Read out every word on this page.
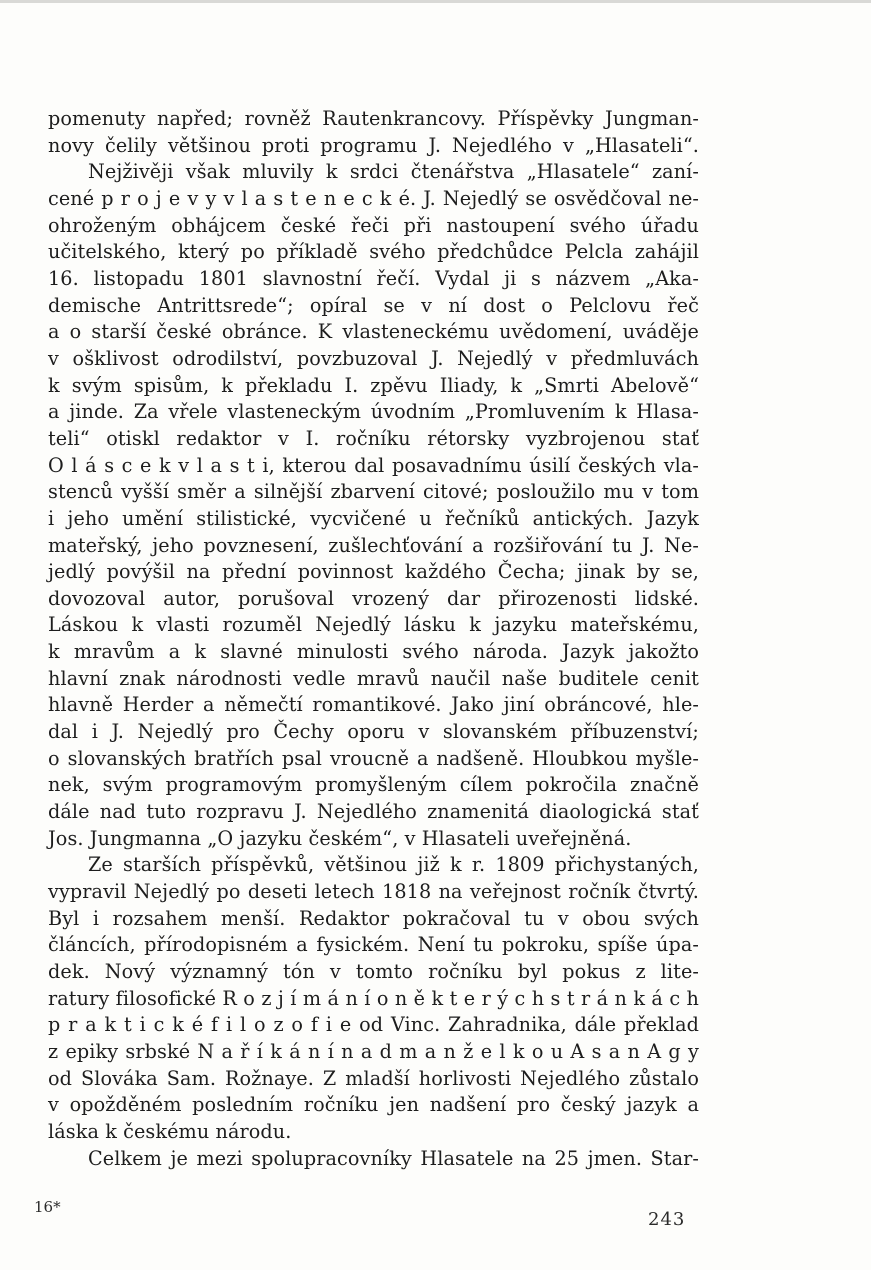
pomenuty napřed; rovněž Rautenkrancovy. Příspěvky Jungman-
novy čelily většinou proti programu J. Nejedlého v „Hlasateli“.
Nejživěji však mluvily k srdci čtenářstva „Hlasatele“ zaní-
cené p r o j e v y v l a s t e n e c k é. J. Nejedlý se osvědčoval ne-
ohroženým obhájcem české řeči při nastoupení svého úřadu
učitelského, který po příkladě svého předchůdce Pelcla zahájil
16. listopadu 1801 slavnostní řečí. Vydal ji s názvem „Aka-
demische Antrittsrede“; opíral se v ní dost o Pelclovu řeč
a o starší české obránce. K vlasteneckému uvědomení, uváděje
v ošklivost odrodilství, povzbuzoval J. Nejedlý v předmluvách
k svým spisům, k překladu I. zpěvu Iliady, k „Smrti Abelově“
a jinde. Za vřele vlasteneckým úvodním „Promluvením k Hlasa-
teli“ otiskl redaktor v I. ročníku rétorsky vyzbrojenou stať
O l á s c e k v l a s t i, kterou dal posavadnímu úsilí českých vla-
stenců vyšší směr a silnější zbarvení citové; posloužilo mu v tom
i jeho umění stilistické, vycvičené u řečníků antických. Jazyk
mateřský, jeho povznesení, zušlechťování a rozšiřování tu J. Ne-
jedlý povýšil na přední povinnost každého Čecha; jinak by se,
dovozoval autor, porušoval vrozený dar přirozenosti lidské.
Láskou k vlasti rozuměl Nejedlý lásku k jazyku mateřskému,
k mravům a k slavné minulosti svého národa. Jazyk jakožto
hlavní znak národnosti vedle mravů naučil naše buditele cenit
hlavně Herder a němečtí romantikové. Jako jiní obráncové, hle-
dal i J. Nejedlý pro Čechy oporu v slovanském příbuzenství;
o slovanských bratřích psal vroucně a nadšeně. Hloubkou myšle-
nek, svým programovým promyšleným cílem pokročila značně
dále nad tuto rozpravu J. Nejedlého znamenitá diaologická stať
Jos. Jungmanna „O jazyku českém“, v Hlasateli uveřejněná.
Ze starších příspěvků, většinou již k r. 1809 přichystaných,
vypravil Nejedlý po deseti letech 1818 na veřejnost ročník čtvrtý.
Byl i rozsahem menší. Redaktor pokračoval tu v obou svých
článcích, přírodopisném a fysickém. Není tu pokroku, spíše úpa-
dek. Nový významný tón v tomto ročníku byl pokus z lite-
ratury filosofické R o z j í m á n í o n ě k t e r ý c h s t r á n k á c h
p r a k t i c k é f i l o z o f i e od Vinc. Zahradnika, dále překlad
z epiky srbské N a ř í k á n í n a d m a n ž e l k o u A s a n A g y
od Slováka Sam. Rožnaye. Z mladší horlivosti Nejedlého zůstalo
v opožděném posledním ročníku jen nadšení pro český jazyk a
láska k českému národu.
Celkem je mezi spolupracovníky Hlasatele na 25 jmen. Star-
16*
243
